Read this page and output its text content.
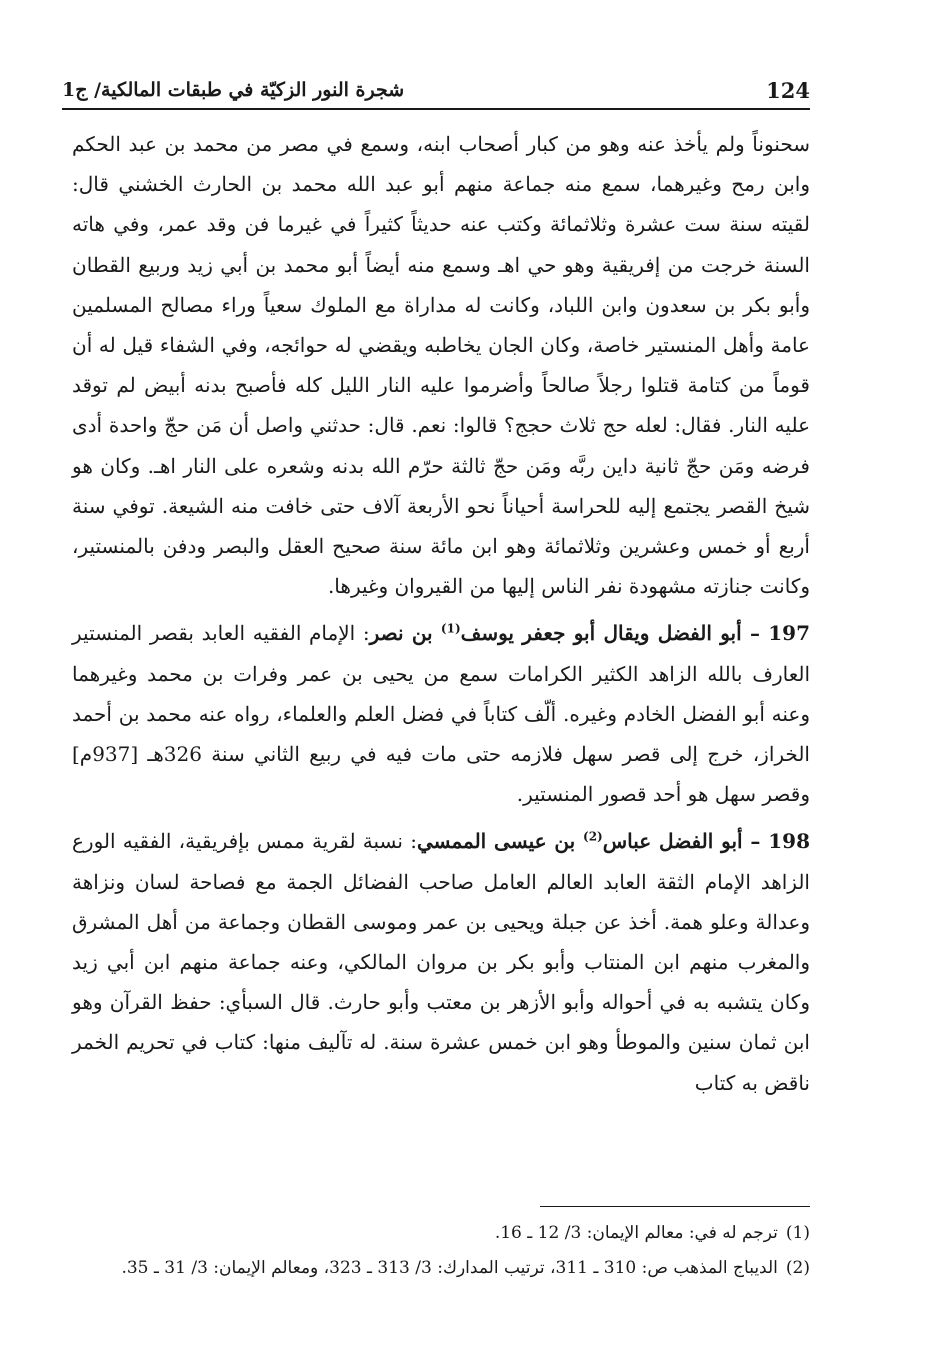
124
شجرة النور الزكيّة في طبقات المالكية/ ج1

سحنوناً ولم يأخذ عنه وهو من كبار أصحاب ابنه، وسمع في مصر من محمد بن عبد الحكم وابن رمح وغيرهما، سمع منه جماعة منهم أبو عبد الله محمد بن الحارث الخشني قال: لقيته سنة ست عشرة وثلاثمائة وكتب عنه حديثاً كثيراً في غيرما فن وقد عمر، وفي هاته السنة خرجت من إفريقية وهو حي اهـ وسمع منه أيضاً أبو محمد بن أبي زيد وربيع القطان وأبو بكر بن سعدون وابن اللباد، وكانت له مداراة مع الملوك سعياً وراء مصالح المسلمين عامة وأهل المنستير خاصة، وكان الجان يخاطبه ويقضي له حوائجه، وفي الشفاء قيل له أن قوماً من كتامة قتلوا رجلاً صالحاً وأضرموا عليه النار الليل كله فأصبح بدنه أبيض لم توقد عليه النار. فقال: لعله حج ثلاث حجج؟ قالوا: نعم. قال: حدثني واصل أن مَن حجّ واحدة أدى فرضه ومَن حجّ ثانية داين ربَّه ومَن حجّ ثالثة حرّم الله بدنه وشعره على النار اهـ. وكان هو شيخ القصر يجتمع إليه للحراسة أحياناً نحو الأربعة آلاف حتى خافت منه الشيعة. توفي سنة أربع أو خمس وعشرين وثلاثمائة وهو ابن مائة سنة صحيح العقل والبصر ودفن بالمنستير، وكانت جنازته مشهودة نفر الناس إليها من القيروان وغيرها.

197 – أبو الفضل ويقال أبو جعفر يوسف$^{(1)}$ بن نصر: الإمام الفقيه العابد بقصر المنستير العارف بالله الزاهد الكثير الكرامات سمع من يحيى بن عمر وفرات بن محمد وغيرهما وعنه أبو الفضل الخادم وغيره. ألّف كتاباً في فضل العلم والعلماء، رواه عنه محمد بن أحمد الخراز، خرج إلى قصر سهل فلازمه حتى مات فيه في ربيع الثاني سنة 326هـ [937م] وقصر سهل هو أحد قصور المنستير.

198 – أبو الفضل عباس$^{(2)}$ بن عيسى الممسي: نسبة لقرية ممس بإفريقية، الفقيه الورع الزاهد الإمام الثقة العابد العالم العامل صاحب الفضائل الجمة مع فصاحة لسان ونزاهة وعدالة وعلو همة. أخذ عن جبلة ويحيى بن عمر وموسى القطان وجماعة من أهل المشرق والمغرب منهم ابن المنتاب وأبو بكر بن مروان المالكي، وعنه جماعة منهم ابن أبي زيد وكان يتشبه به في أحواله وأبو الأزهر بن معتب وأبو حارث. قال السبأي: حفظ القرآن وهو ابن ثمان سنين والموطأ وهو ابن خمس عشرة سنة. له تآليف منها: كتاب في تحريم الخمر ناقض به كتاب

(1)
ترجم له في: معالم الإيمان: 3/ 12 ـ 16.
(2)
الديباج المذهب ص: 310 ـ 311، ترتيب المدارك: 3/ 313 ـ 323، ومعالم الإيمان: 3/ 31 ـ 35.
